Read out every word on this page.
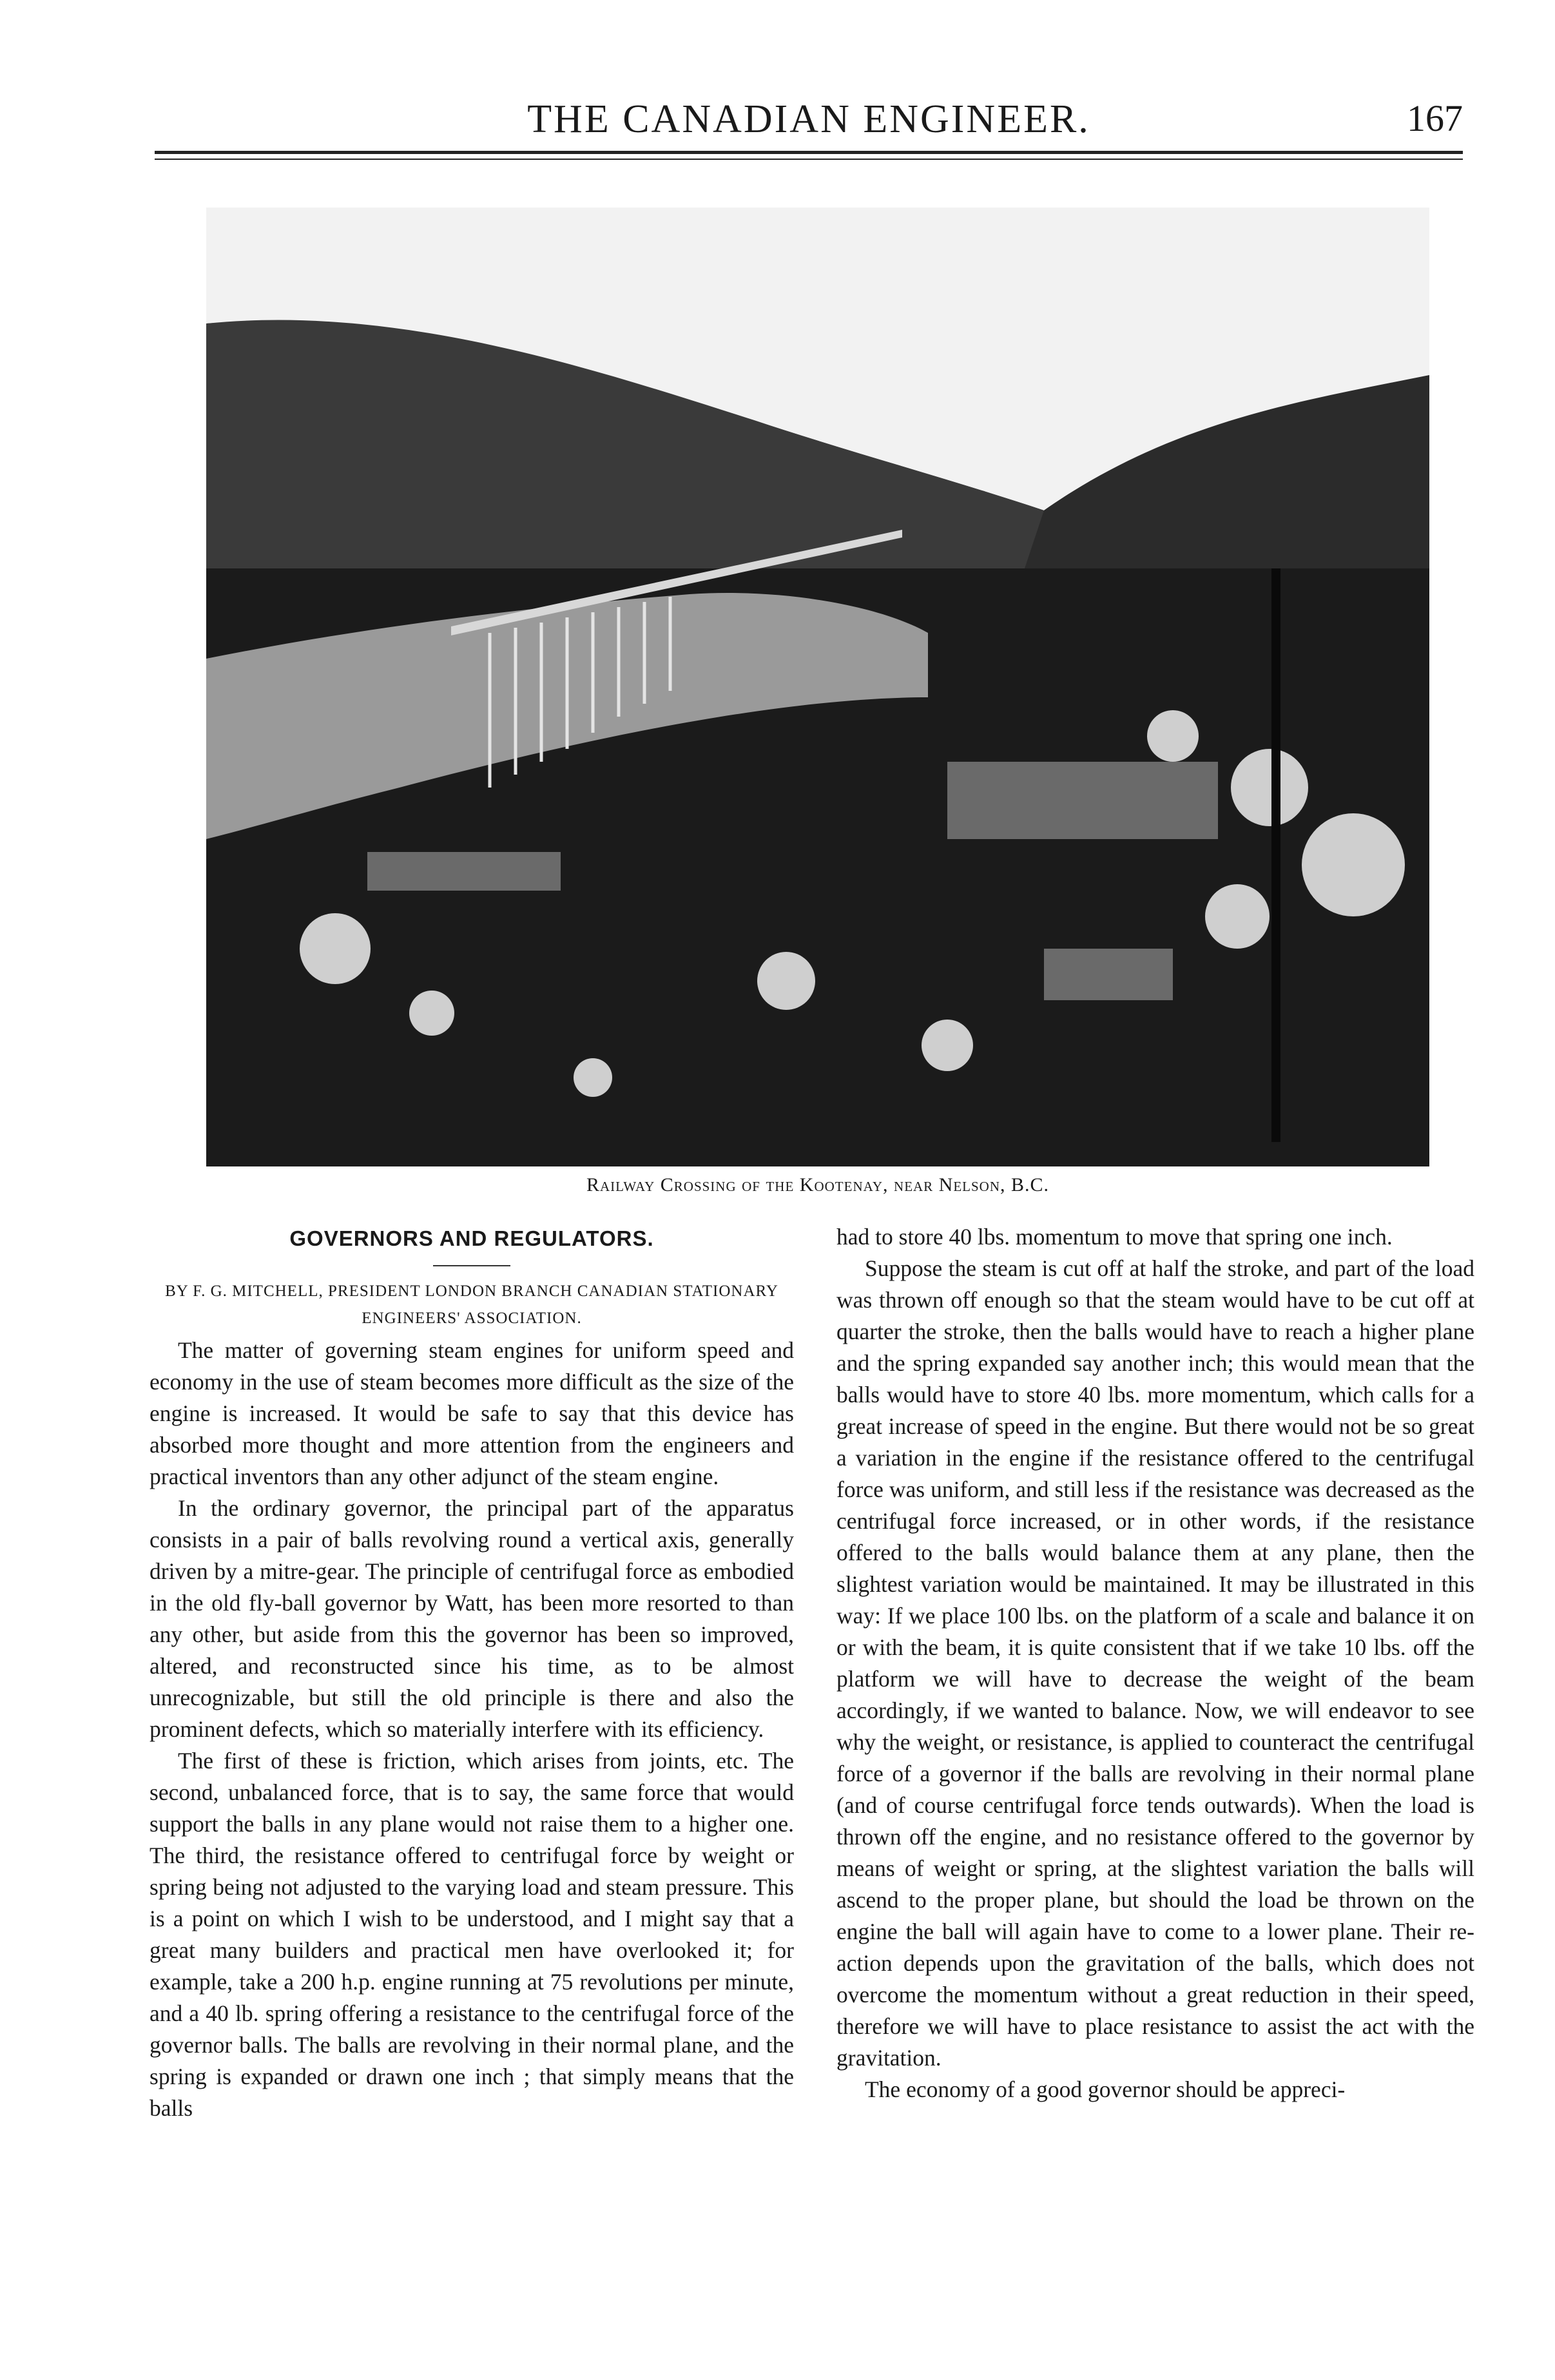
THE CANADIAN ENGINEER.	167
Railway Crossing of the Kootenay, near Nelson, B.C.
GOVERNORS AND REGULATORS.
BY F. G. MITCHELL, PRESIDENT LONDON BRANCH CANADIAN STATIONARY ENGINEERS' ASSOCIATION.

The matter of governing steam engines for uniform speed and economy in the use of steam becomes more difficult as the size of the engine is increased. It would be safe to say that this device has absorbed more thought and more attention from the engineers and practical inventors than any other adjunct of the steam engine.

In the ordinary governor, the principal part of the apparatus consists in a pair of balls revolving round a vertical axis, generally driven by a mitre-gear. The principle of centrifugal force as embodied in the old fly-ball governor by Watt, has been more resorted to than any other, but aside from this the governor has been so improved, altered, and reconstructed since his time, as to be almost unrecognizable, but still the old principle is there and also the prominent defects, which so materially interfere with its efficiency.

The first of these is friction, which arises from joints, etc. The second, unbalanced force, that is to say, the same force that would support the balls in any plane would not raise them to a higher one. The third, the resistance offered to centrifugal force by weight or spring being not adjusted to the varying load and steam pressure. This is a point on which I wish to be understood, and I might say that a great many builders and practical men have overlooked it; for example, take a 200 h.p. engine running at 75 revolutions per minute, and a 40 lb. spring offering a resistance to the centrifugal force of the governor balls. The balls are revolving in their normal plane, and the spring is expanded or drawn one inch ; that simply means that the balls

had to store 40 lbs. momentum to move that spring one inch.

Suppose the steam is cut off at half the stroke, and part of the load was thrown off enough so that the steam would have to be cut off at quarter the stroke, then the balls would have to reach a higher plane and the spring expanded say another inch; this would mean that the balls would have to store 40 lbs. more momentum, which calls for a great increase of speed in the engine. But there would not be so great a variation in the engine if the resistance offered to the centrifugal force was uniform, and still less if the resistance was decreased as the centrifugal force increased, or in other words, if the resistance offered to the balls would balance them at any plane, then the slightest variation would be maintained. It may be illustrated in this way: If we place 100 lbs. on the platform of a scale and balance it on or with the beam, it is quite consistent that if we take 10 lbs. off the platform we will have to decrease the weight of the beam accordingly, if we wanted to balance. Now, we will endeavor to see why the weight, or resistance, is applied to counteract the centrifugal force of a governor if the balls are revolving in their normal plane (and of course centrifugal force tends outwards). When the load is thrown off the engine, and no resistance offered to the governor by means of weight or spring, at the slightest variation the balls will ascend to the proper plane, but should the load be thrown on the engine the ball will again have to come to a lower plane. Their re-action depends upon the gravitation of the balls, which does not overcome the momentum without a great reduction in their speed, therefore we will have to place resistance to assist the act with the gravitation.

The economy of a good governor should be appreci-
